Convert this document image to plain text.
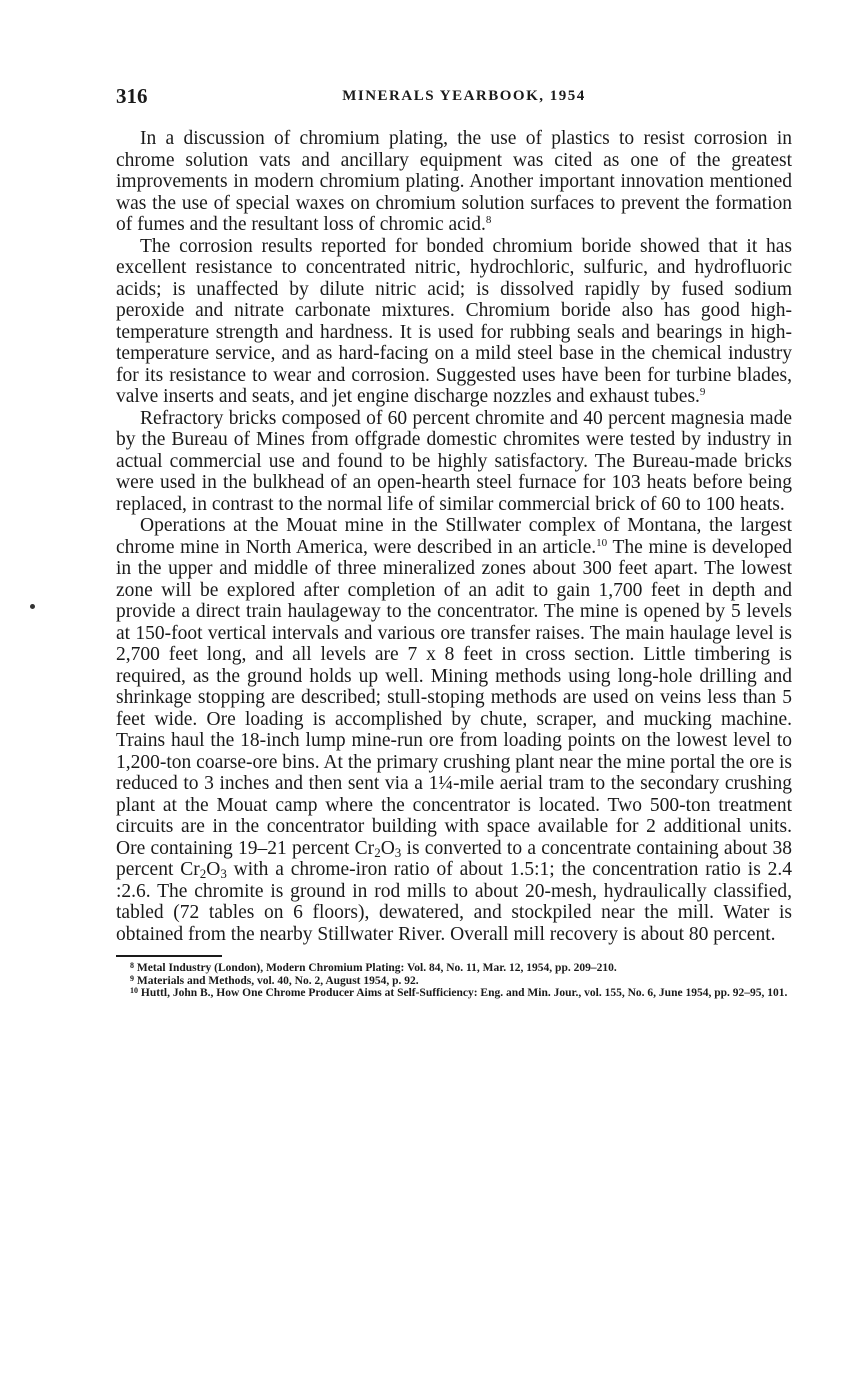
316	MINERALS YEARBOOK, 1954

In a discussion of chromium plating, the use of plastics to resist corrosion in chrome solution vats and ancillary equipment was cited as one of the greatest improvements in modern chromium plating. Another important innovation mentioned was the use of special waxes on chromium solution surfaces to prevent the formation of fumes and the resultant loss of chromic acid.$^8$

The corrosion results reported for bonded chromium boride showed that it has excellent resistance to concentrated nitric, hydrochloric, sulfuric, and hydrofluoric acids; is unaffected by dilute nitric acid; is dissolved rapidly by fused sodium peroxide and nitrate carbonate mixtures. Chromium boride also has good high-temperature strength and hardness. It is used for rubbing seals and bearings in high-temperature service, and as hard-facing on a mild steel base in the chemical industry for its resistance to wear and corrosion. Suggested uses have been for turbine blades, valve inserts and seats, and jet engine discharge nozzles and exhaust tubes.$^9$

Refractory bricks composed of 60 percent chromite and 40 percent magnesia made by the Bureau of Mines from offgrade domestic chromites were tested by industry in actual commercial use and found to be highly satisfactory. The Bureau-made bricks were used in the bulkhead of an open-hearth steel furnace for 103 heats before being replaced, in contrast to the normal life of similar commercial brick of 60 to 100 heats.

Operations at the Mouat mine in the Stillwater complex of Montana, the largest chrome mine in North America, were described in an article.$^{10}$ The mine is developed in the upper and middle of three mineralized zones about 300 feet apart. The lowest zone will be explored after completion of an adit to gain 1,700 feet in depth and provide a direct train haulageway to the concentrator. The mine is opened by 5 levels at 150-foot vertical intervals and various ore transfer raises. The main haulage level is 2,700 feet long, and all levels are 7 x 8 feet in cross section. Little timbering is required, as the ground holds up well. Mining methods using long-hole drilling and shrinkage stopping are described; stull-stoping methods are used on veins less than 5 feet wide. Ore loading is accomplished by chute, scraper, and mucking machine. Trains haul the 18-inch lump mine-run ore from loading points on the lowest level to 1,200-ton coarse-ore bins. At the primary crushing plant near the mine portal the ore is reduced to 3 inches and then sent via a 1¼-mile aerial tram to the secondary crushing plant at the Mouat camp where the concentrator is located. Two 500-ton treatment circuits are in the concentrator building with space available for 2 additional units. Ore containing 19–21 percent $Cr_2O_3$ is converted to a concentrate containing about 38 percent $Cr_2O_3$ with a chrome-iron ratio of about 1.5:1; the concentration ratio is 2.4 :2.6. The chromite is ground in rod mills to about 20-mesh, hydraulically classified, tabled (72 tables on 6 floors), dewatered, and stockpiled near the mill. Water is obtained from the nearby Stillwater River. Overall mill recovery is about 80 percent.

$^8$ Metal Industry (London), Modern Chromium Plating: Vol. 84, No. 11, Mar. 12, 1954, pp. 209–210.

$^9$ Materials and Methods, vol. 40, No. 2, August 1954, p. 92.

$^{10}$ Huttl, John B., How One Chrome Producer Aims at Self-Sufficiency: Eng. and Min. Jour., vol. 155, No. 6, June 1954, pp. 92–95, 101.
